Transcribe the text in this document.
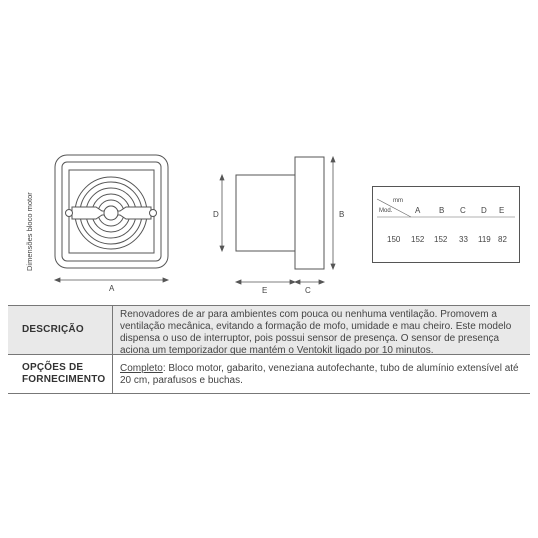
A
Dimensões bloco motor	D	B
E	C
mm
Mod.	A B C D E
150 152 152 33 119 82
DESCRIÇÃO
Renovadores de ar para ambientes com pouca ou nenhuma ventilação. Promovem a ventilação mecânica, evitando a formação de mofo, umidade e mau cheiro. Este modelo dispensa o uso de interruptor, pois possui sensor de presença. O sensor de presença aciona um temporizador que mantém o Ventokit ligado por 10 minutos.
OPÇÕES DE
FORNECIMENTO
Completo: Bloco motor, gabarito, veneziana autofechante, tubo de alumínio extensível até 20 cm, parafusos e buchas.
